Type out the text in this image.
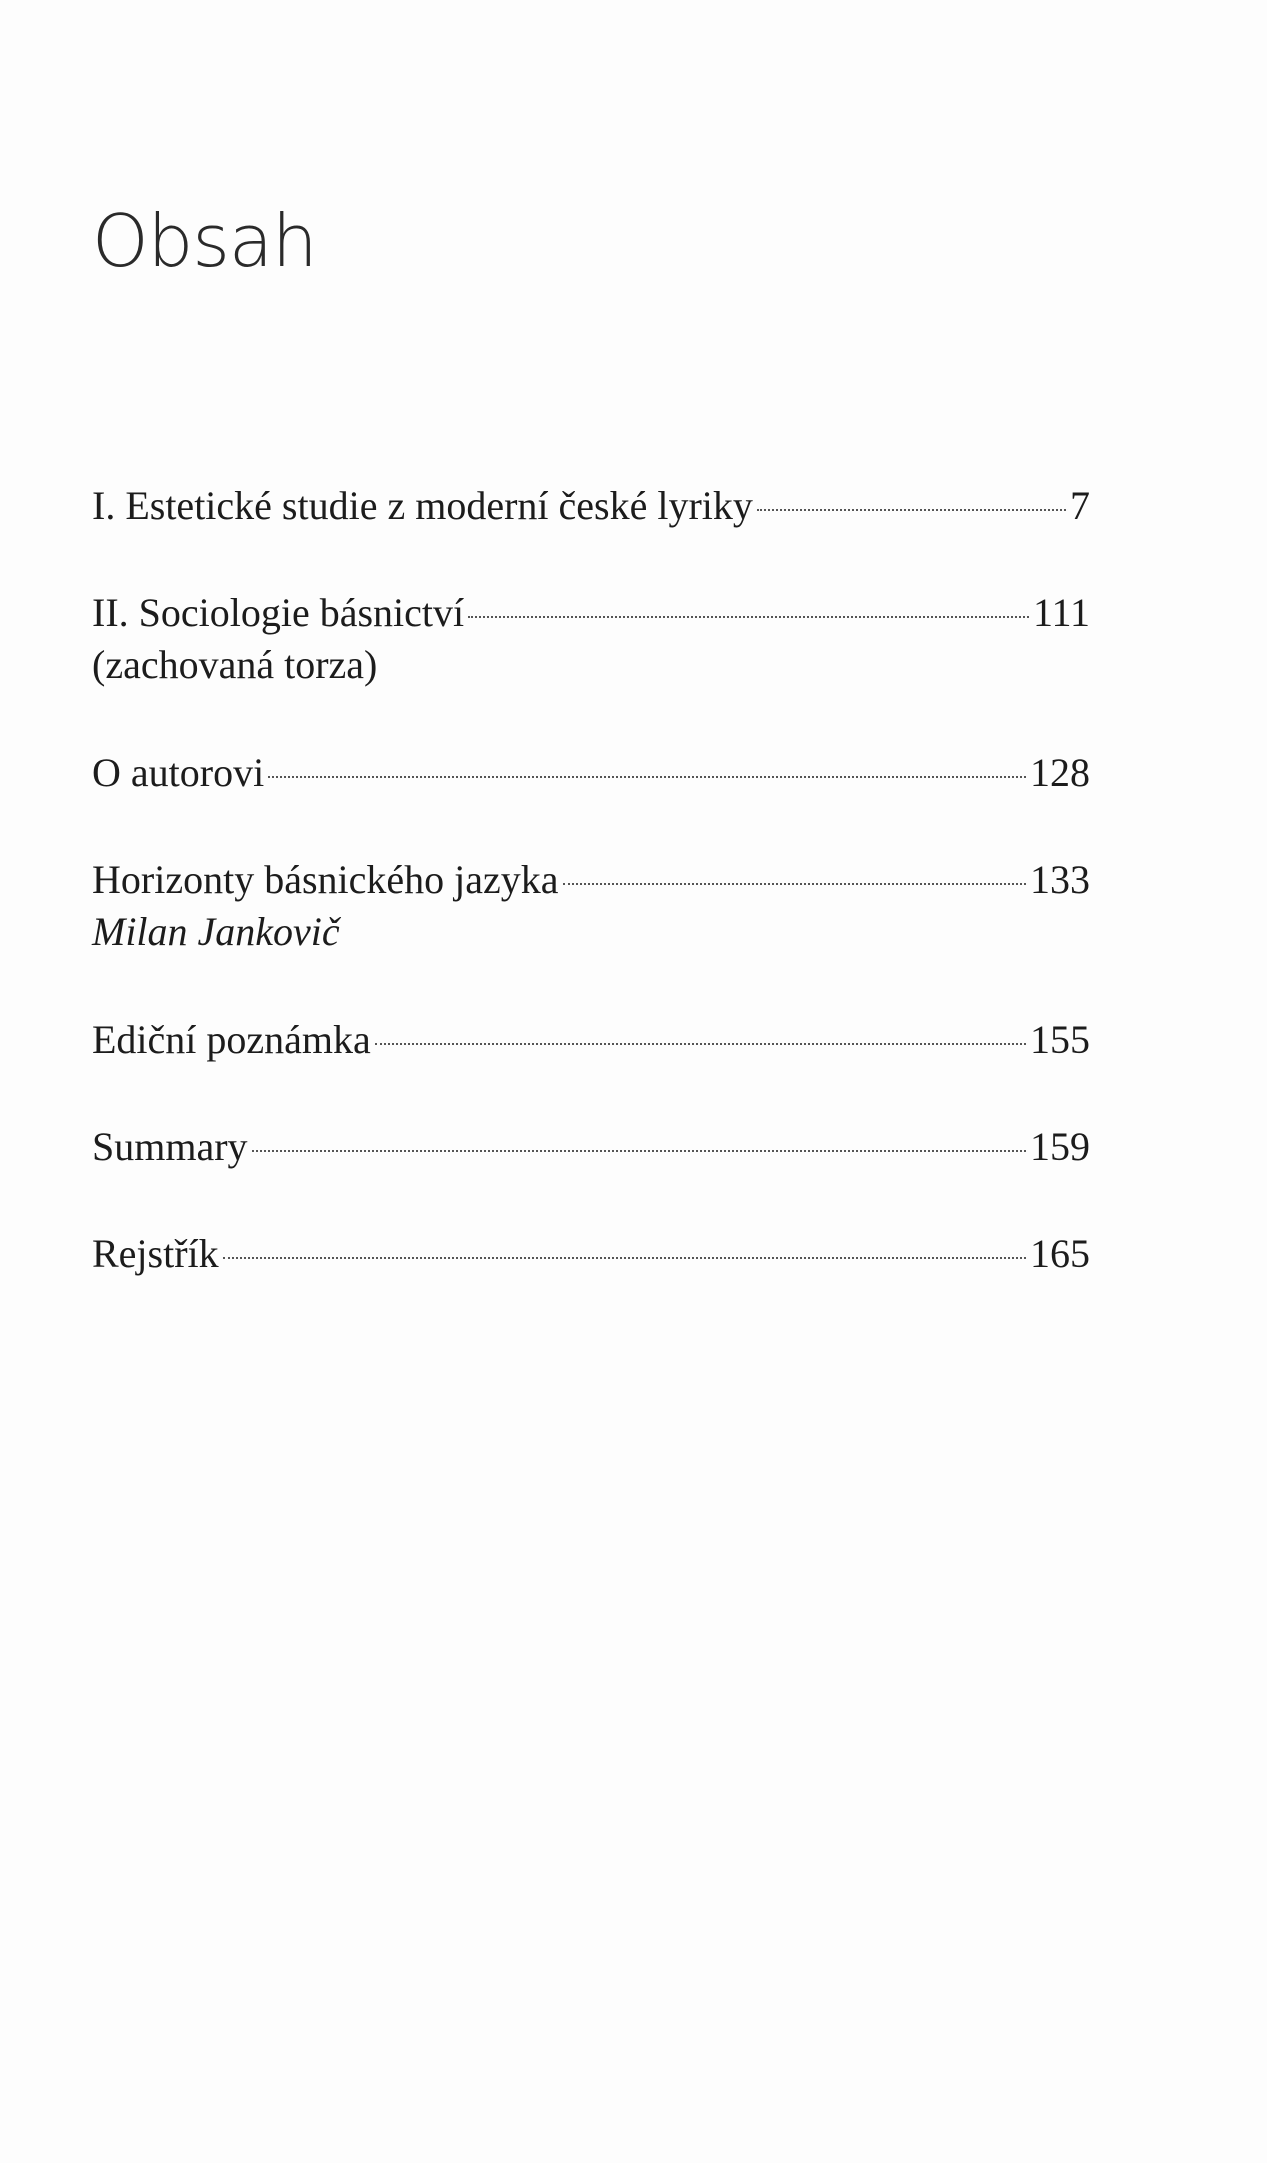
Obsah
I. Estetické studie z moderní české lyriky	7
II. Sociologie básnictví	111
(zachovaná torza)
O autorovi	128
Horizonty básnického jazyka	133
Milan Jankovič
Ediční poznámka	155
Summary	159
Rejstřík	165
